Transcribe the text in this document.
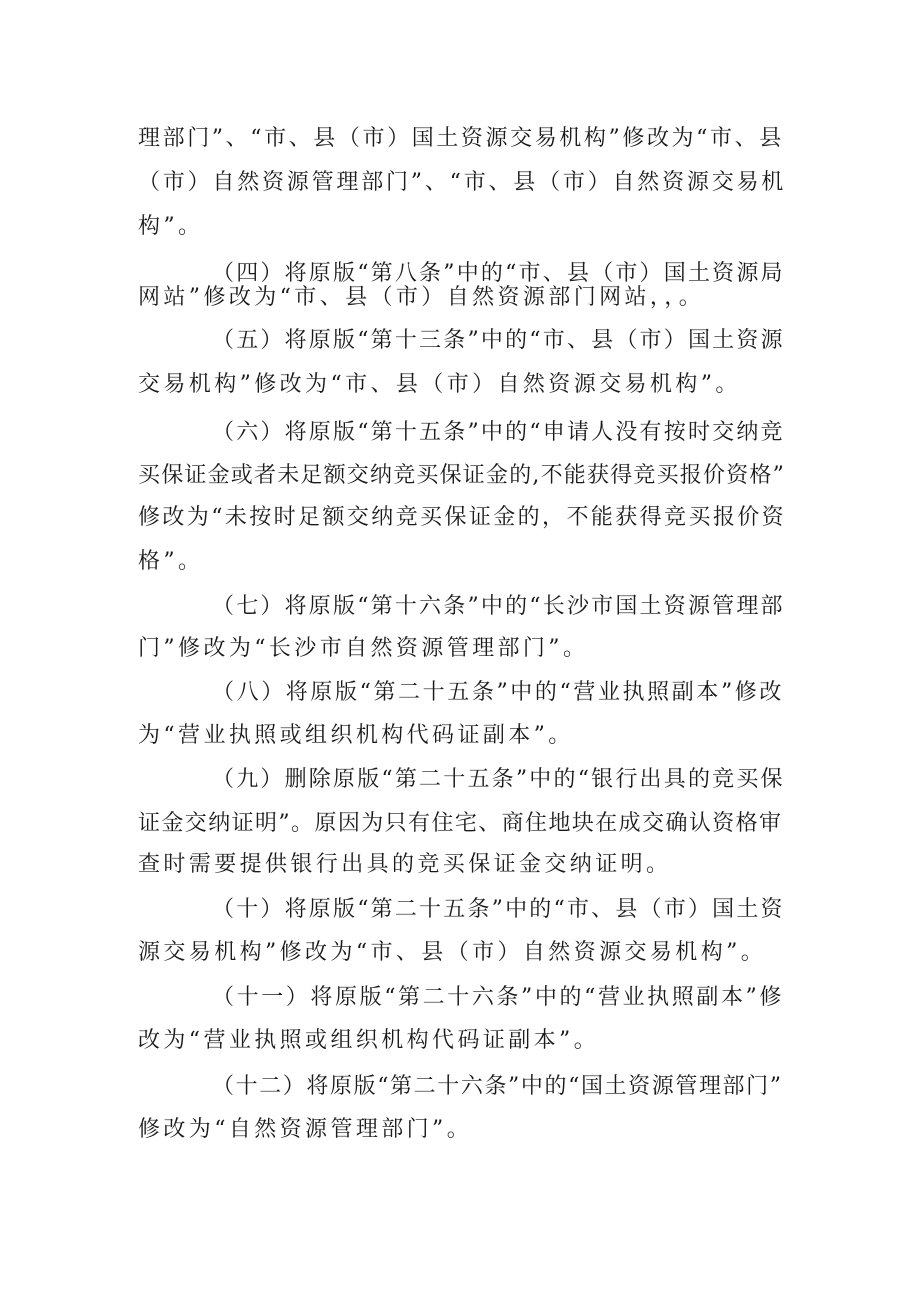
理部门”、“市、县（市）国土资源交易机构”修改为“市、县
（市）自然资源管理部门”、“市、县（市）自然资源交易机
构”。
（四）将原版“第八条”中的“市、县（市）国土资源局
网站”修改为“市、县（市）自然资源部门网站，，。
（五）将原版“第十三条”中的“市、县（市）国土资源
交易机构”修改为“市、县（市）自然资源交易机构”。
（六）将原版“第十五条”中的“申请人没有按时交纳竞
买保证金或者未足额交纳竞买保证金的,不能获得竞买报价资格”
修改为“未按时足额交纳竞买保证金的，不能获得竞买报价资
格”。
（七）将原版“第十六条”中的“长沙市国土资源管理部
门”修改为“长沙市自然资源管理部门”。
（八）将原版“第二十五条”中的“营业执照副本”修改
为“营业执照或组织机构代码证副本”。
（九）删除原版“第二十五条”中的“银行出具的竞买保
证金交纳证明”。原因为只有住宅、商住地块在成交确认资格审
查时需要提供银行出具的竞买保证金交纳证明。
（十）将原版“第二十五条”中的“市、县（市）国土资
源交易机构”修改为“市、县（市）自然资源交易机构”。
（十一）将原版“第二十六条”中的“营业执照副本”修
改为“营业执照或组织机构代码证副本”。
（十二）将原版“第二十六条”中的“国土资源管理部门”
修改为“自然资源管理部门”。
